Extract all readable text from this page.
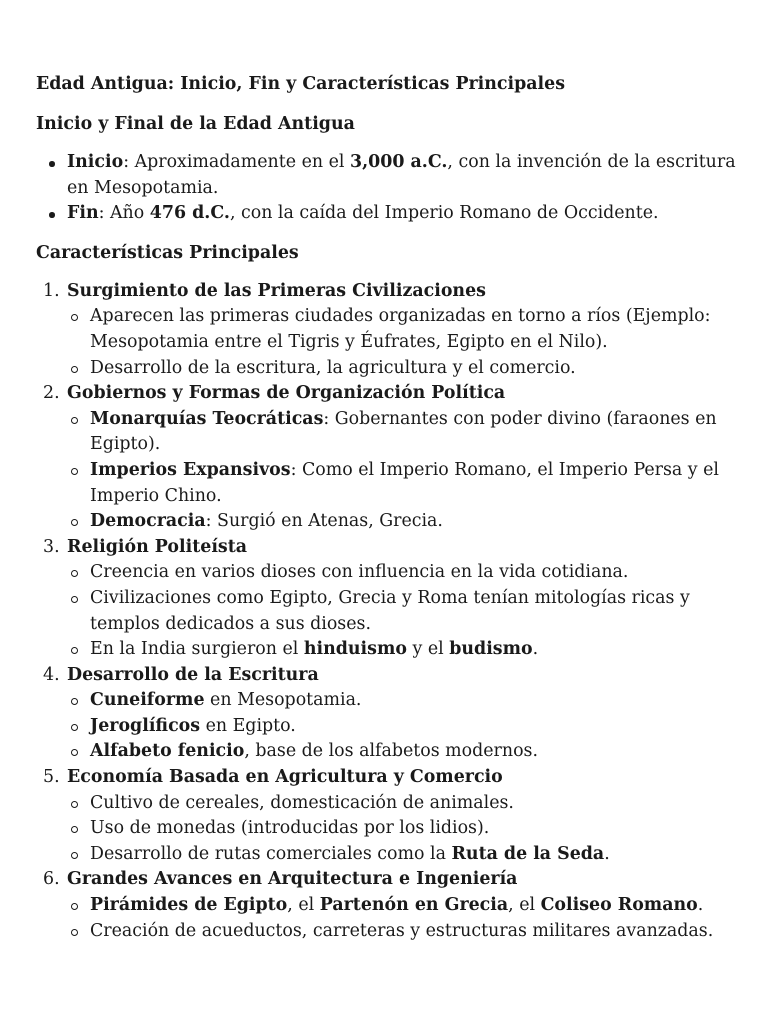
Edad Antigua: Inicio, Fin y Características Principales
Inicio y Final de la Edad Antigua
Inicio: Aproximadamente en el 3,000 a.C., con la invención de la escritura en Mesopotamia.
Fin: Año 476 d.C., con la caída del Imperio Romano de Occidente.
Características Principales
1. Surgimiento de las Primeras Civilizaciones
Aparecen las primeras ciudades organizadas en torno a ríos (Ejemplo: Mesopotamia entre el Tigris y Éufrates, Egipto en el Nilo).
Desarrollo de la escritura, la agricultura y el comercio.
2. Gobiernos y Formas de Organización Política
Monarquías Teocráticas: Gobernantes con poder divino (faraones en Egipto).
Imperios Expansivos: Como el Imperio Romano, el Imperio Persa y el Imperio Chino.
Democracia: Surgió en Atenas, Grecia.
3. Religión Politeísta
Creencia en varios dioses con influencia en la vida cotidiana.
Civilizaciones como Egipto, Grecia y Roma tenían mitologías ricas y templos dedicados a sus dioses.
En la India surgieron el hinduismo y el budismo.
4. Desarrollo de la Escritura
Cuneiforme en Mesopotamia.
Jeroglíficos en Egipto.
Alfabeto fenicio, base de los alfabetos modernos.
5. Economía Basada en Agricultura y Comercio
Cultivo de cereales, domesticación de animales.
Uso de monedas (introducidas por los lidios).
Desarrollo de rutas comerciales como la Ruta de la Seda.
6. Grandes Avances en Arquitectura e Ingeniería
Pirámides de Egipto, el Partenón en Grecia, el Coliseo Romano.
Creación de acueductos, carreteras y estructuras militares avanzadas.
